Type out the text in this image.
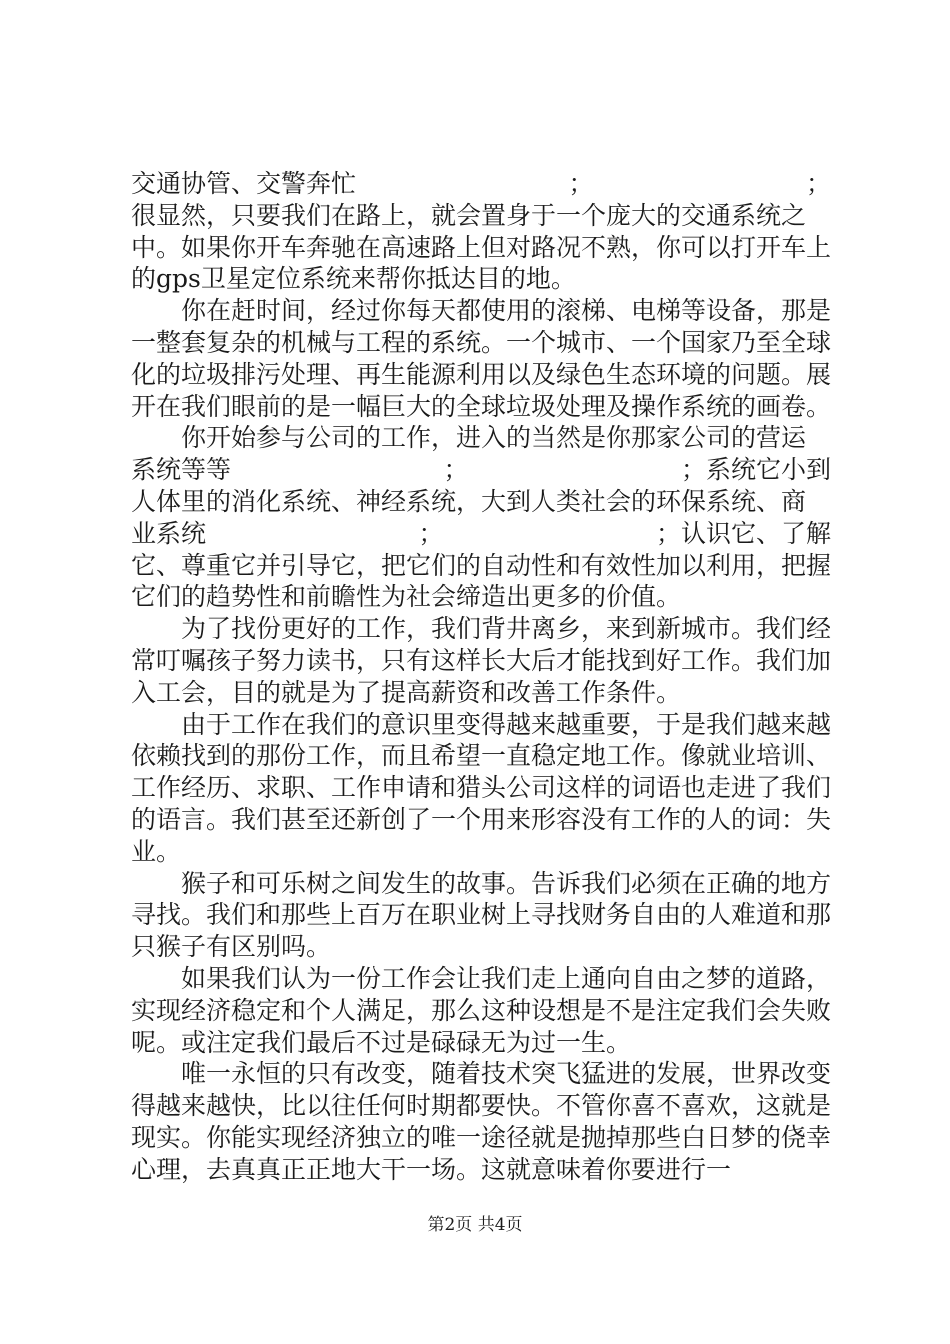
交通协管、交警奔忙	；	；
很显然，只要我们在路上，就会置身于一个庞大的交通系统之

中。如果你开车奔驰在高速路上但对路况不熟，你可以打开车上的gps卫星定位系统来帮你抵达目的地。

你在赶时间，经过你每天都使用的滚梯、电梯等设备，那是一整套复杂的机械与工程的系统。一个城市、一个国家乃至全球化的垃圾排污处理、再生能源利用以及绿色生态环境的问题。展开在我们眼前的是一幅巨大的全球垃圾处理及操作系统的画卷。

你开始参与公司的工作，进入的当然是你那家公司的营运

系统等等	；	；系统它小到
人体里的消化系统、神经系统，大到人类社会的环保系统、商
业系统	；	；认识它、了解

它、尊重它并引导它，把它们的自动性和有效性加以利用，把握它们的趋势性和前瞻性为社会缔造出更多的价值。

为了找份更好的工作，我们背井离乡，来到新城市。我们经常叮嘱孩子努力读书，只有这样长大后才能找到好工作。我们加入工会，目的就是为了提高薪资和改善工作条件。

由于工作在我们的意识里变得越来越重要，于是我们越来越依赖找到的那份工作，而且希望一直稳定地工作。像就业培训、工作经历、求职、工作申请和猎头公司这样的词语也走进了我们的语言。我们甚至还新创了一个用来形容没有工作的人的词：失业。

猴子和可乐树之间发生的故事。告诉我们必须在正确的地方寻找。我们和那些上百万在职业树上寻找财务自由的人难道和那只猴子有区别吗。

如果我们认为一份工作会让我们走上通向自由之梦的道路，实现经济稳定和个人满足，那么这种设想是不是注定我们会失败呢。或注定我们最后不过是碌碌无为过一生。

唯一永恒的只有改变，随着技术突飞猛进的发展，世界改变得越来越快，比以往任何时期都要快。不管你喜不喜欢，这就是现实。你能实现经济独立的唯一途径就是抛掉那些白日梦的侥幸心理，去真真正正地大干一场。这就意味着你要进行一

第2页 共4页
